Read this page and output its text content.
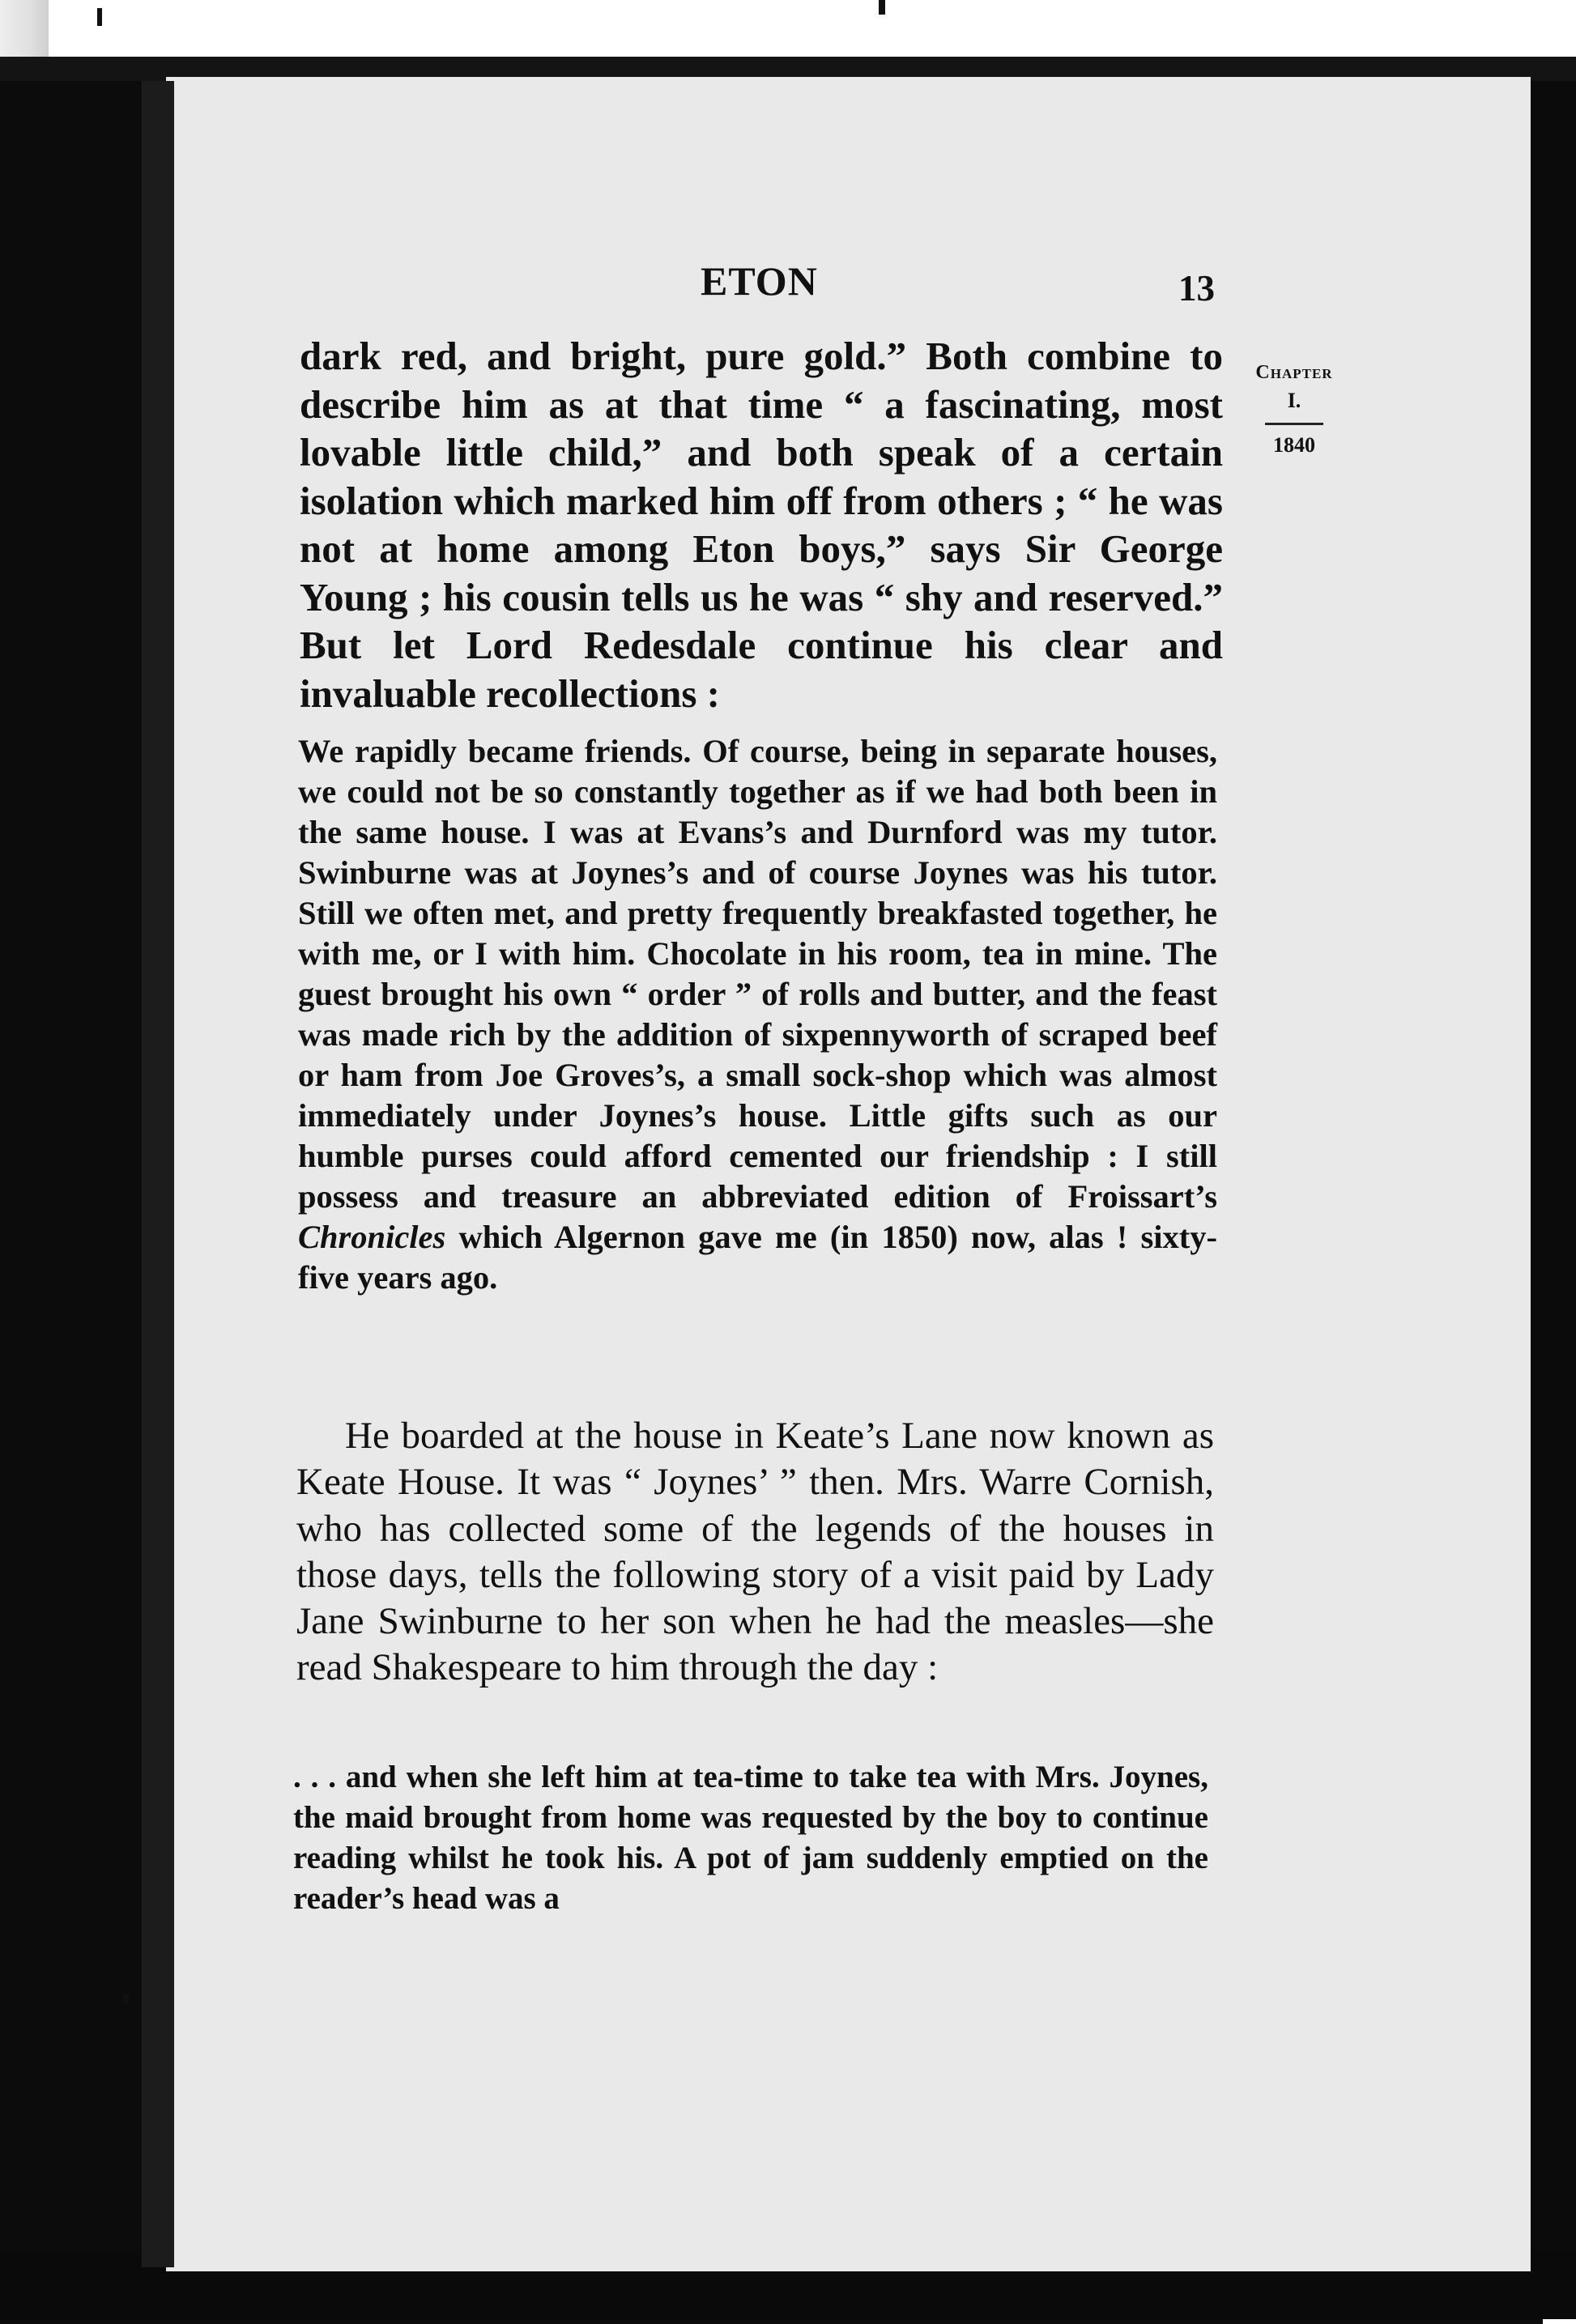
ETON	13
Chapter
I.
1840

dark red, and bright, pure gold.” Both combine to describe him as at that time “ a fascinating, most lovable little child,” and both speak of a certain isolation which marked him off from others ; “ he was not at home among Eton boys,” says Sir George Young ; his cousin tells us he was “ shy and reserved.” But let Lord Redesdale continue his clear and invaluable recollections :

We rapidly became friends. Of course, being in separate houses, we could not be so constantly together as if we had both been in the same house. I was at Evans’s and Durnford was my tutor. Swinburne was at Joynes’s and of course Joynes was his tutor. Still we often met, and pretty frequently breakfasted together, he with me, or I with him. Chocolate in his room, tea in mine. The guest brought his own “ order ” of rolls and butter, and the feast was made rich by the addition of sixpennyworth of scraped beef or ham from Joe Groves’s, a small sock-shop which was almost immediately under Joynes’s house. Little gifts such as our humble purses could afford cemented our friendship : I still possess and treasure an abbreviated edition of Froissart’s Chronicles which Algernon gave me (in 1850) now, alas ! sixty-five years ago.

He boarded at the house in Keate’s Lane now known as Keate House. It was “ Joynes’ ” then. Mrs. Warre Cornish, who has collected some of the legends of the houses in those days, tells the following story of a visit paid by Lady Jane Swinburne to her son when he had the measles—she read Shakespeare to him through the day :

. . . and when she left him at tea-time to take tea with Mrs. Joynes, the maid brought from home was requested by the boy to continue reading whilst he took his. A pot of jam suddenly emptied on the reader’s head was a
